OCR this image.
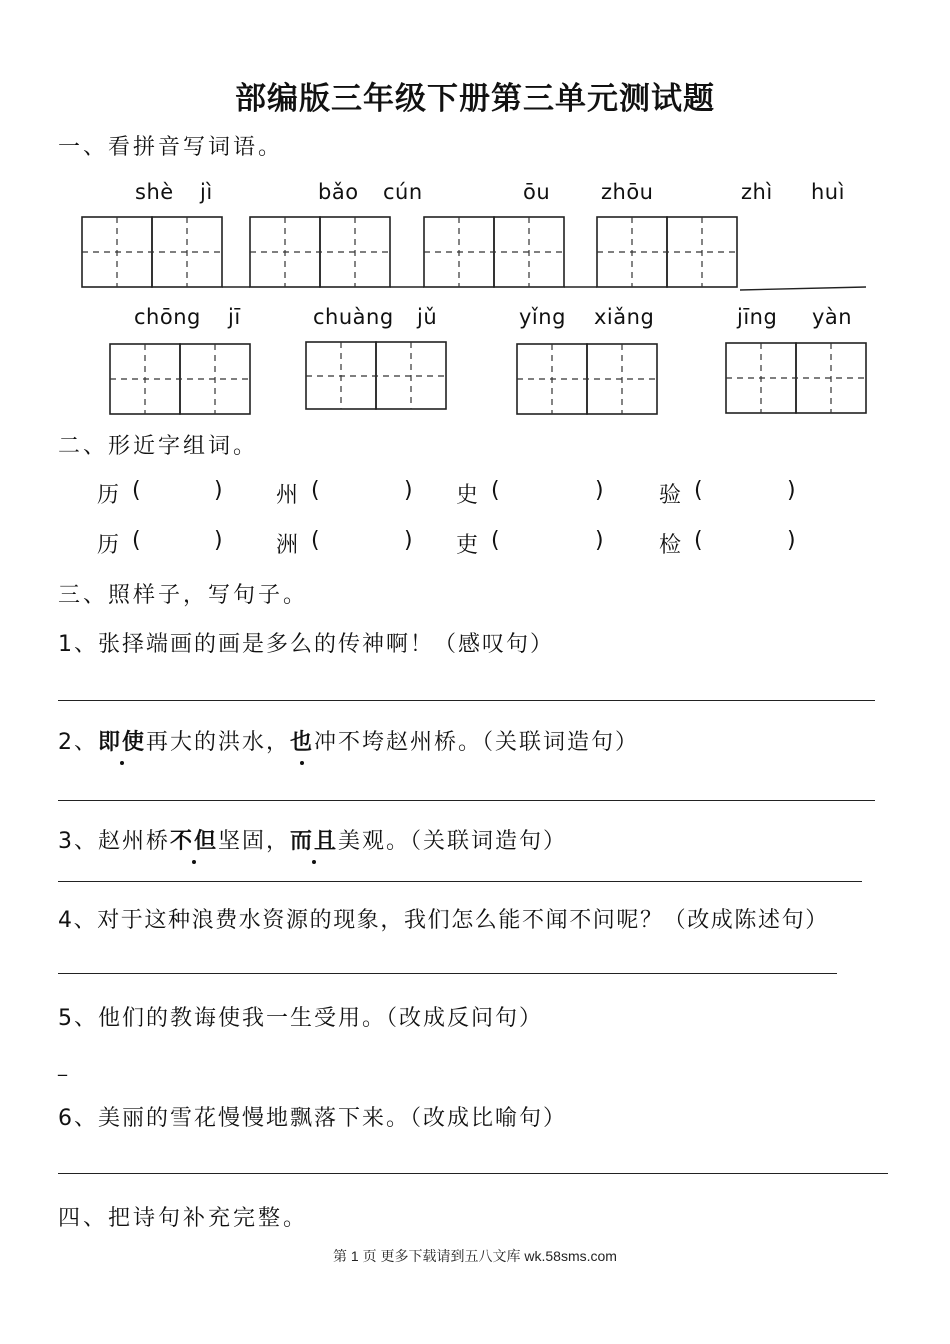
部编版三年级下册第三单元测试题
一、看拼音写词语。
shè jì	bǎo cún	ōu zhōu	zhì huì
chōng jī	chuàng jǔ	yǐng xiǎng	jīng yàn
二、形近字组词。
历 (	) 州 (	) 史 (	)	验 (	)
历 (	) 洲 (	) 吏 (	)	检 (	)
三、照样子，写句子。
1、张择端画的画是多么的传神啊！（感叹句）
2、即使再大的洪水，也冲不垮赵州桥。（关联词造句）
3、赵州桥不但坚固，而且美观。（关联词造句）
4、对于这种浪费水资源的现象，我们怎么能不闻不问呢？（改成陈述句）
5、他们的教诲使我一生受用。（改成反问句）
_
6、美丽的雪花慢慢地飘落下来。（改成比喻句）
四、把诗句补充完整。
第 1 页 更多下载请到五八文库 wk.58sms.com
